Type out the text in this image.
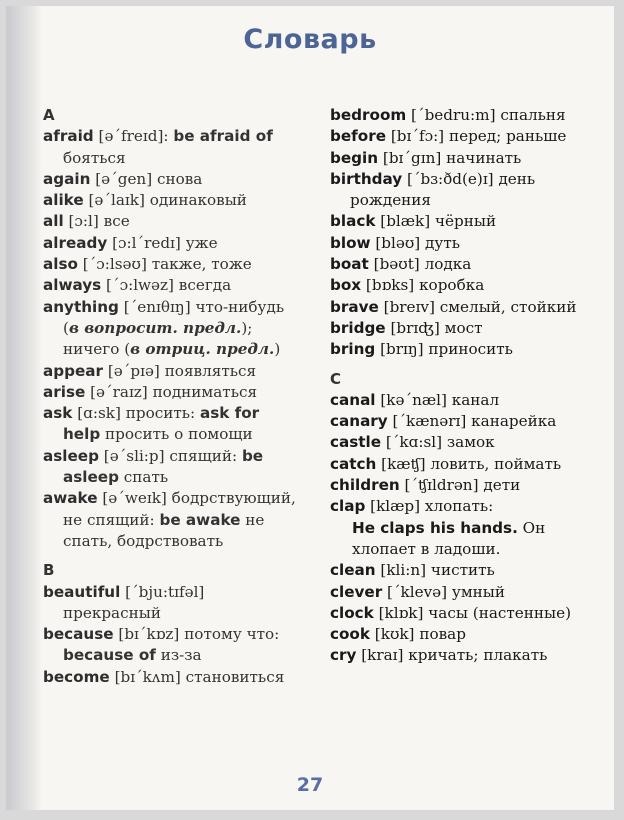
Словарь
A
afraid [əˊfreɪd]: be afraid of бояться
again [əˊgen] снова
alike [əˊlaɪk] одинаковый
all [ɔ:l] все
already [ɔ:lˊredɪ] уже
also [ˊɔ:lsəʊ] также, тоже
always [ˊɔ:lwəz] всегда
anything [ˊenɪθɪŋ] что-нибудь (в вопросит. предл.); ничего (в отриц. предл.)
appear [əˊpɪə] появляться
arise [əˊraɪz] подниматься
ask [ɑ:sk] просить: ask for help просить о помощи
asleep [əˊsli:p] спящий: be asleep спать
awake [əˊweɪk] бодрствующий, не спящий: be awake не спать, бодрствовать
B
beautiful [ˊbju:tɪfəl] прекрасный
because [bɪˊkɒz] потому что: because of из-за
become [bɪˊkʌm] становиться
bedroom [ˊbedru:m] спальня
before [bɪˊfɔ:] перед; раньше
begin [bɪˊgɪn] начинать
birthday [ˊbɜ:ðd(e)ɪ] день рождения
black [blæk] чёрный
blow [bləʊ] дуть
boat [bəʊt] лодка
box [bɒks] коробка
brave [breɪv] смелый, стойкий
bridge [brɪʤ] мост
bring [brɪŋ] приносить
C
canal [kəˊnæl] канал
canary [ˊkænərɪ] канарейка
castle [ˊkɑ:sl] замок
catch [kæʧ] ловить, поймать
children [ˊʧɪldrən] дети
clap [klæp] хлопать:
He claps his hands. Он хлопает в ладоши.
clean [kli:n] чистить
clever [ˊklevə] умный
clock [klɒk] часы (настенные)
cook [kʊk] повар
cry [kraɪ] кричать; плакать
27
